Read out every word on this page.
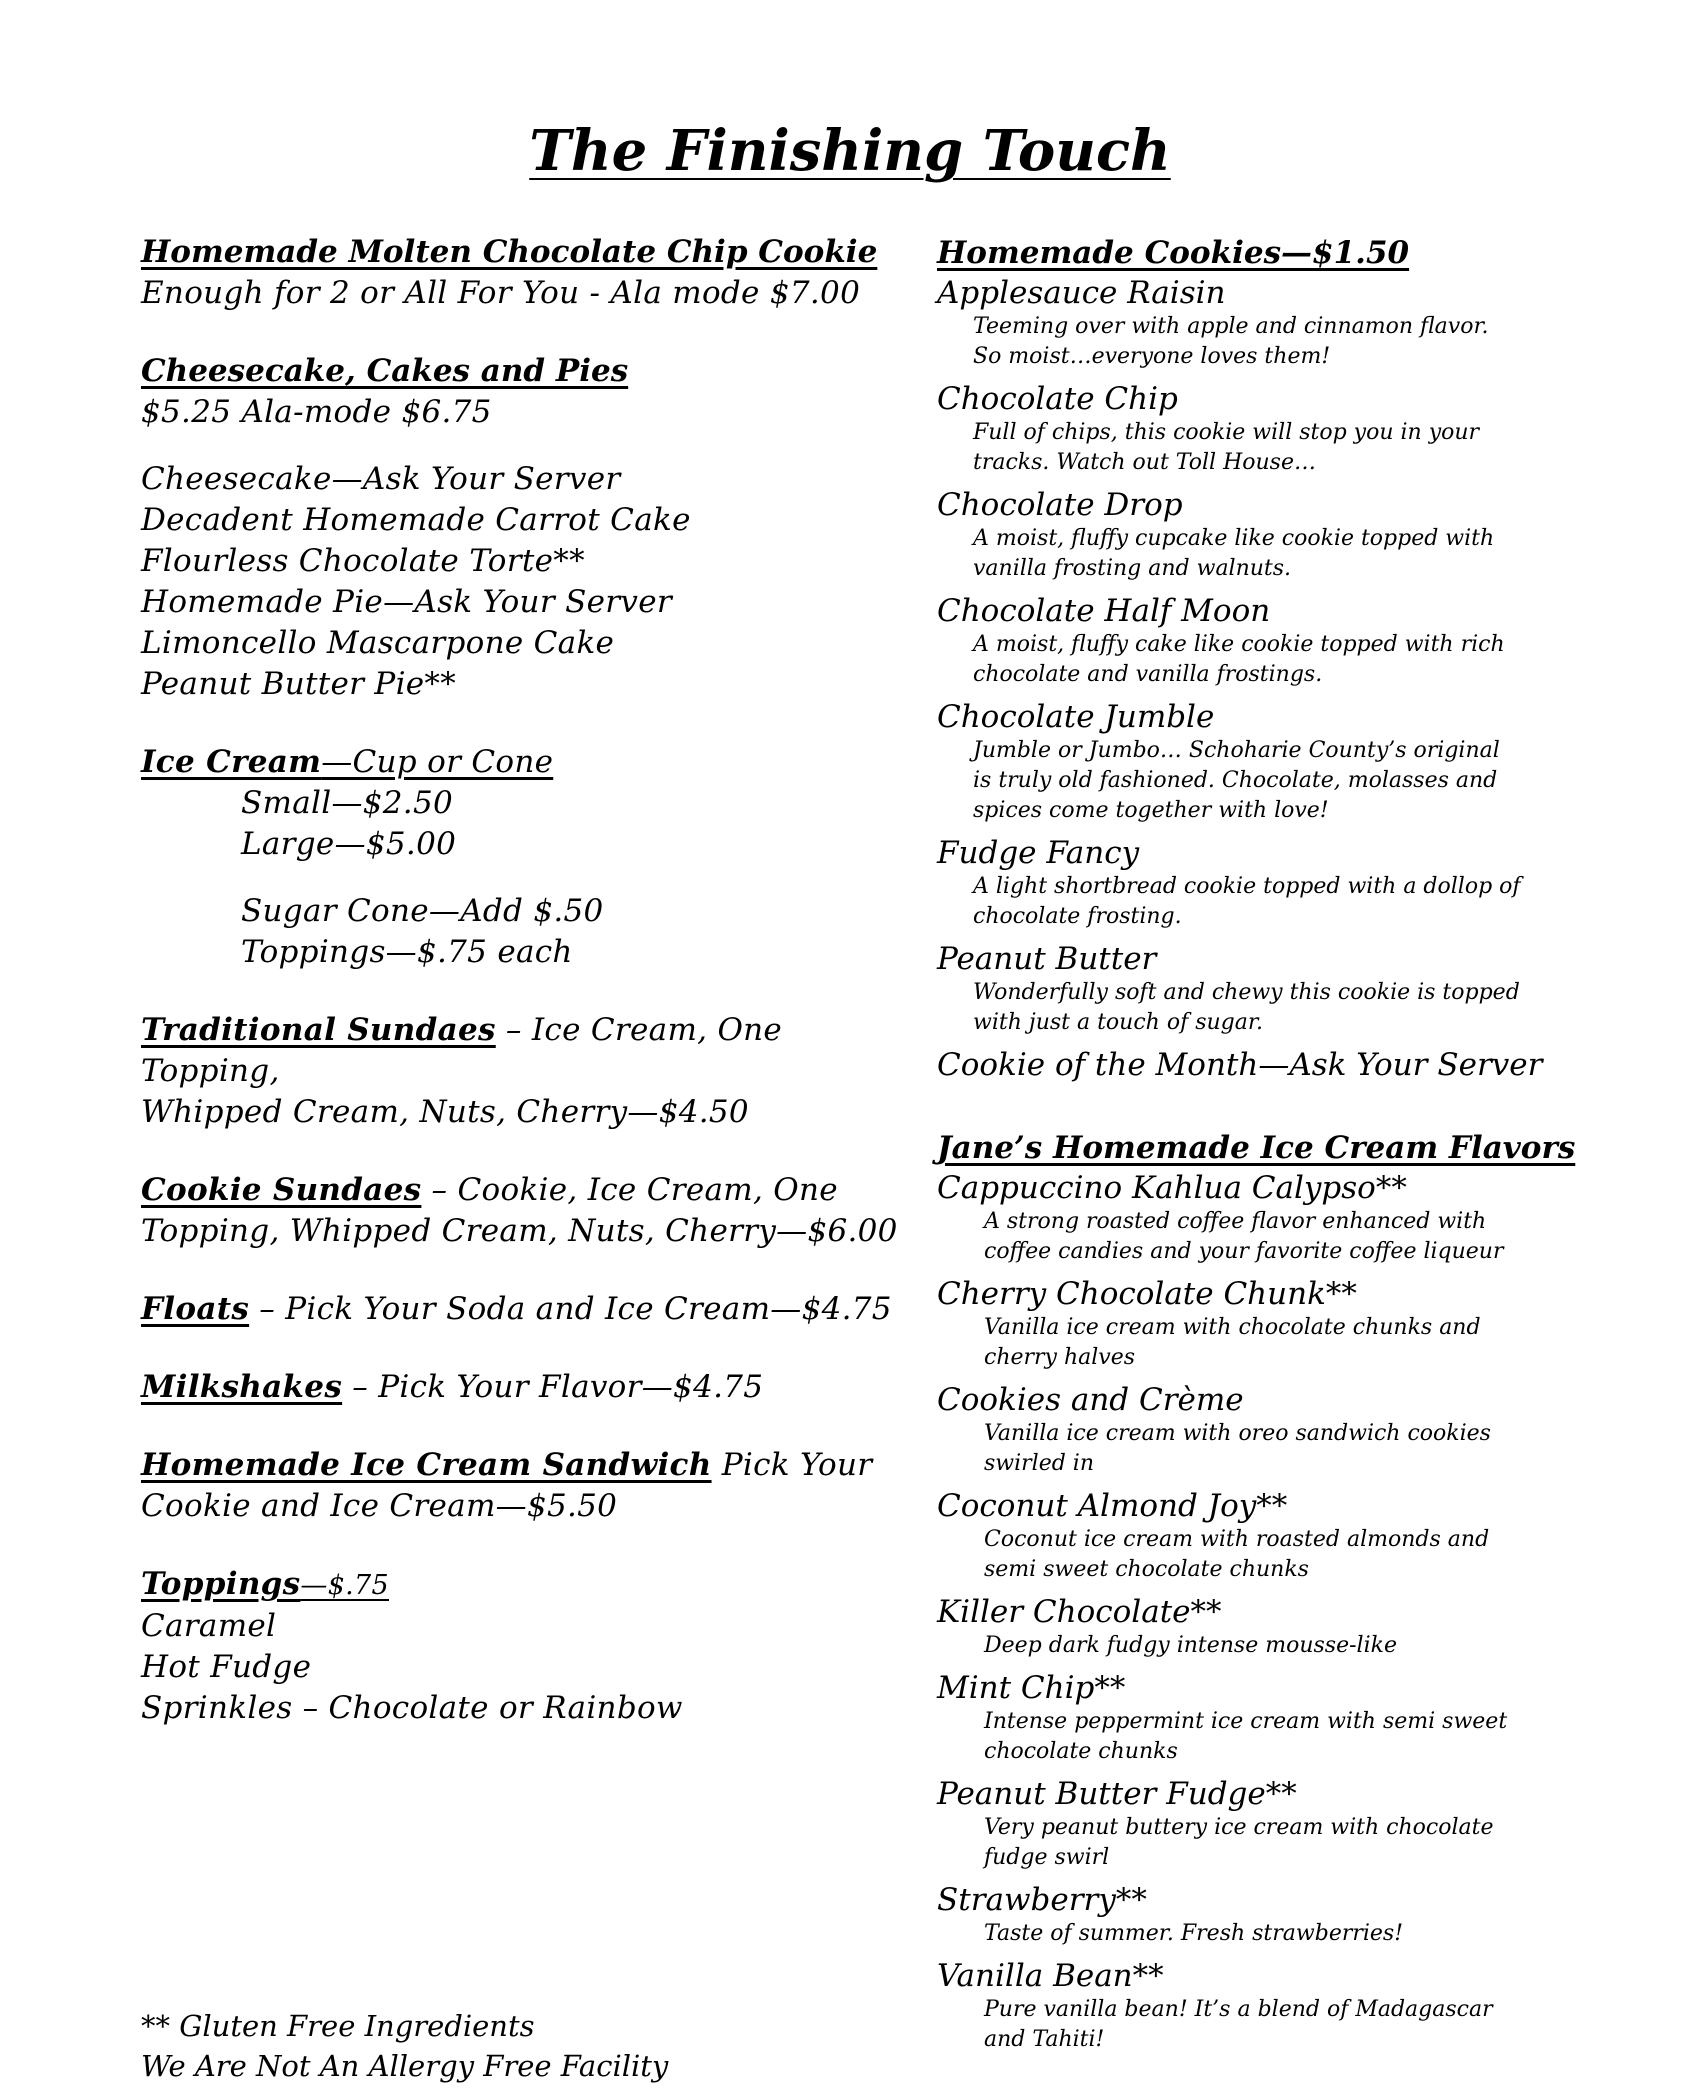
The Finishing Touch
Homemade Molten Chocolate Chip Cookie
Enough for 2 or All For You - Ala mode $7.00
Cheesecake, Cakes and Pies
$5.25 Ala-mode $6.75
Cheesecake—Ask Your Server
Decadent Homemade Carrot Cake
Flourless Chocolate Torte**
Homemade Pie—Ask Your Server
Limoncello Mascarpone Cake
Peanut Butter Pie**
Ice Cream—Cup or Cone
Small—$2.50
Large—$5.00
Sugar Cone—Add $.50
Toppings—$.75 each
Traditional Sundaes – Ice Cream, One Topping,
Whipped Cream, Nuts, Cherry—$4.50
Cookie Sundaes – Cookie, Ice Cream, One
Topping, Whipped Cream, Nuts, Cherry—$6.00
Floats – Pick Your Soda and Ice Cream—$4.75
Milkshakes – Pick Your Flavor—$4.75
Homemade Ice Cream Sandwich Pick Your
Cookie and Ice Cream—$5.50
Toppings—$.75
Caramel
Hot Fudge
Sprinkles – Chocolate or Rainbow
Homemade Cookies—$1.50
Applesauce Raisin
Teeming over with apple and cinnamon flavor.
So moist…everyone loves them!
Chocolate Chip
Full of chips, this cookie will stop you in your
tracks. Watch out Toll House…
Chocolate Drop
A moist, fluffy cupcake like cookie topped with
vanilla frosting and walnuts.
Chocolate Half Moon
A moist, fluffy cake like cookie topped with rich
chocolate and vanilla frostings.
Chocolate Jumble
Jumble or Jumbo… Schoharie County’s original
is truly old fashioned. Chocolate, molasses and
spices come together with love!
Fudge Fancy
A light shortbread cookie topped with a dollop of
chocolate frosting.
Peanut Butter
Wonderfully soft and chewy this cookie is topped
with just a touch of sugar.
Cookie of the Month—Ask Your Server
Jane’s Homemade Ice Cream Flavors
Cappuccino Kahlua Calypso**
A strong roasted coffee flavor enhanced with
coffee candies and your favorite coffee liqueur
Cherry Chocolate Chunk**
Vanilla ice cream with chocolate chunks and
cherry halves
Cookies and Crème
Vanilla ice cream with oreo sandwich cookies
swirled in
Coconut Almond Joy**
Coconut ice cream with roasted almonds and
semi sweet chocolate chunks
Killer Chocolate**
Deep dark fudgy intense mousse-like
Mint Chip**
Intense peppermint ice cream with semi sweet
chocolate chunks
Peanut Butter Fudge**
Very peanut buttery ice cream with chocolate
fudge swirl
Strawberry**
Taste of summer. Fresh strawberries!
Vanilla Bean**
Pure vanilla bean! It’s a blend of Madagascar
and Tahiti!
** Gluten Free Ingredients
We Are Not An Allergy Free Facility
